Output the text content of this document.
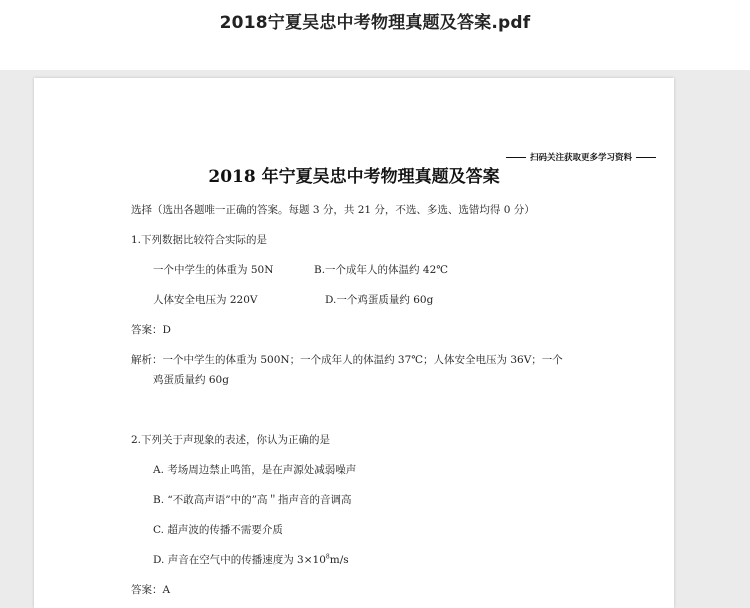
2018宁夏吴忠中考物理真题及答案.pdf
扫码关注获取更多学习资料
2018 年宁夏吴忠中考物理真题及答案
选择（选出各题唯一正确的答案。每题 3 分，共 21 分，不选、多选、选错均得 0 分）
1.下列数据比较符合实际的是
一个中学生的体重为 50N	B.一个成年人的体温约 42℃
人体安全电压为 220V	D.一个鸡蛋质量约 60g
答案：D
解析：一个中学生的体重为 500N；一个成年人的体温约 37℃；人体安全电压为 36V；一个
鸡蛋质量约 60g
2.下列关于声现象的表述，你认为正确的是
A. 考场周边禁止鸣笛，是在声源处减弱噪声
B. “不敢高声语”中的”高＂指声音的音调高
C. 超声波的传播不需要介质
D. 声音在空气中的传播速度为 $3\times 10^8m/s$
答案：A
